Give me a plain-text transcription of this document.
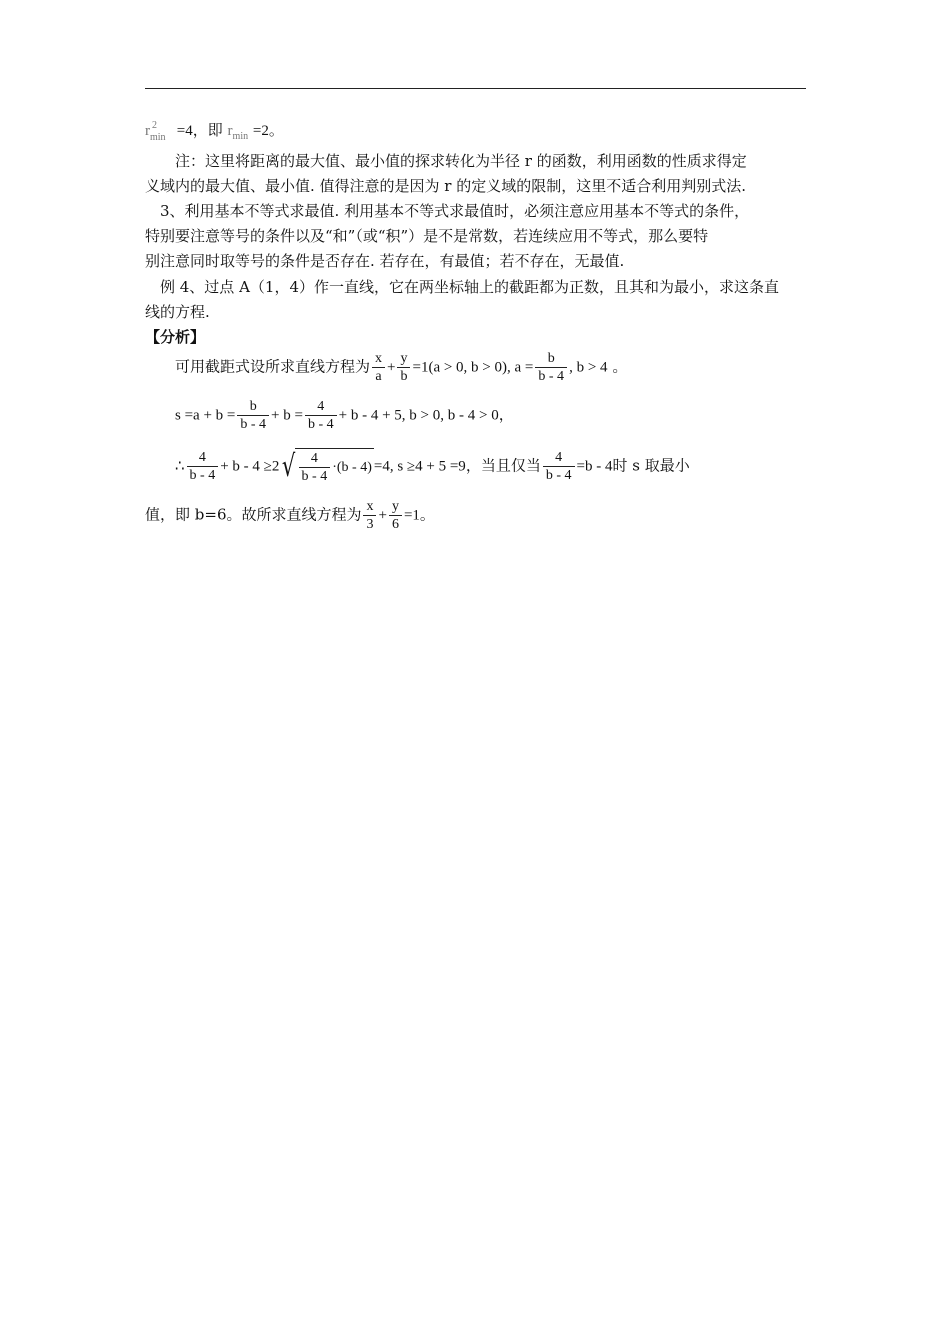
r 2
min =4，即 $r_{min} =2$。
注：这里将距离的最大值、最小值的探求转化为半径 r 的函数，利用函数的性质求得定
义域内的最大值、最小值. 值得注意的是因为 r 的定义域的限制，这里不适合利用判别式法.
3、利用基本不等式求最值. 利用基本不等式求最值时，必须注意应用基本不等式的条件，
特别要注意等号的条件以及“和”（或“积”）是不是常数，若连续应用不等式，那么要特
别注意同时取等号的条件是否存在. 若存在，有最值；若不存在，无最值.
例 4、过点 A（1，4）作一直线，它在两坐标轴上的截距都为正数，且其和为最小，求这条直
线的方程.
【分析】
可用截距式设所求直线方程为 $\frac{x}{a} + \frac{y}{b} =1(a > 0$, b > 0), $a = \frac{b}{b - 4}$ , b > 4 。
$s =a + b = \frac{b}{b - 4} + b = \frac{4}{b - 4} + b - 4 + 5$, b > 0, b - 4 > 0，
∴ $\frac{4}{b - 4} + b - 4 \ge 2$ √ $\frac{4}{b - 4} \cdot(b - 4) =4$, s ≥4 + 5 =9，当且仅当 $\frac{4}{b - 4} =b - 4$时 s 取最小
值，即 b=6。故所求直线方程为 $\frac{x}{3} + \frac{y}{6} =1$。
